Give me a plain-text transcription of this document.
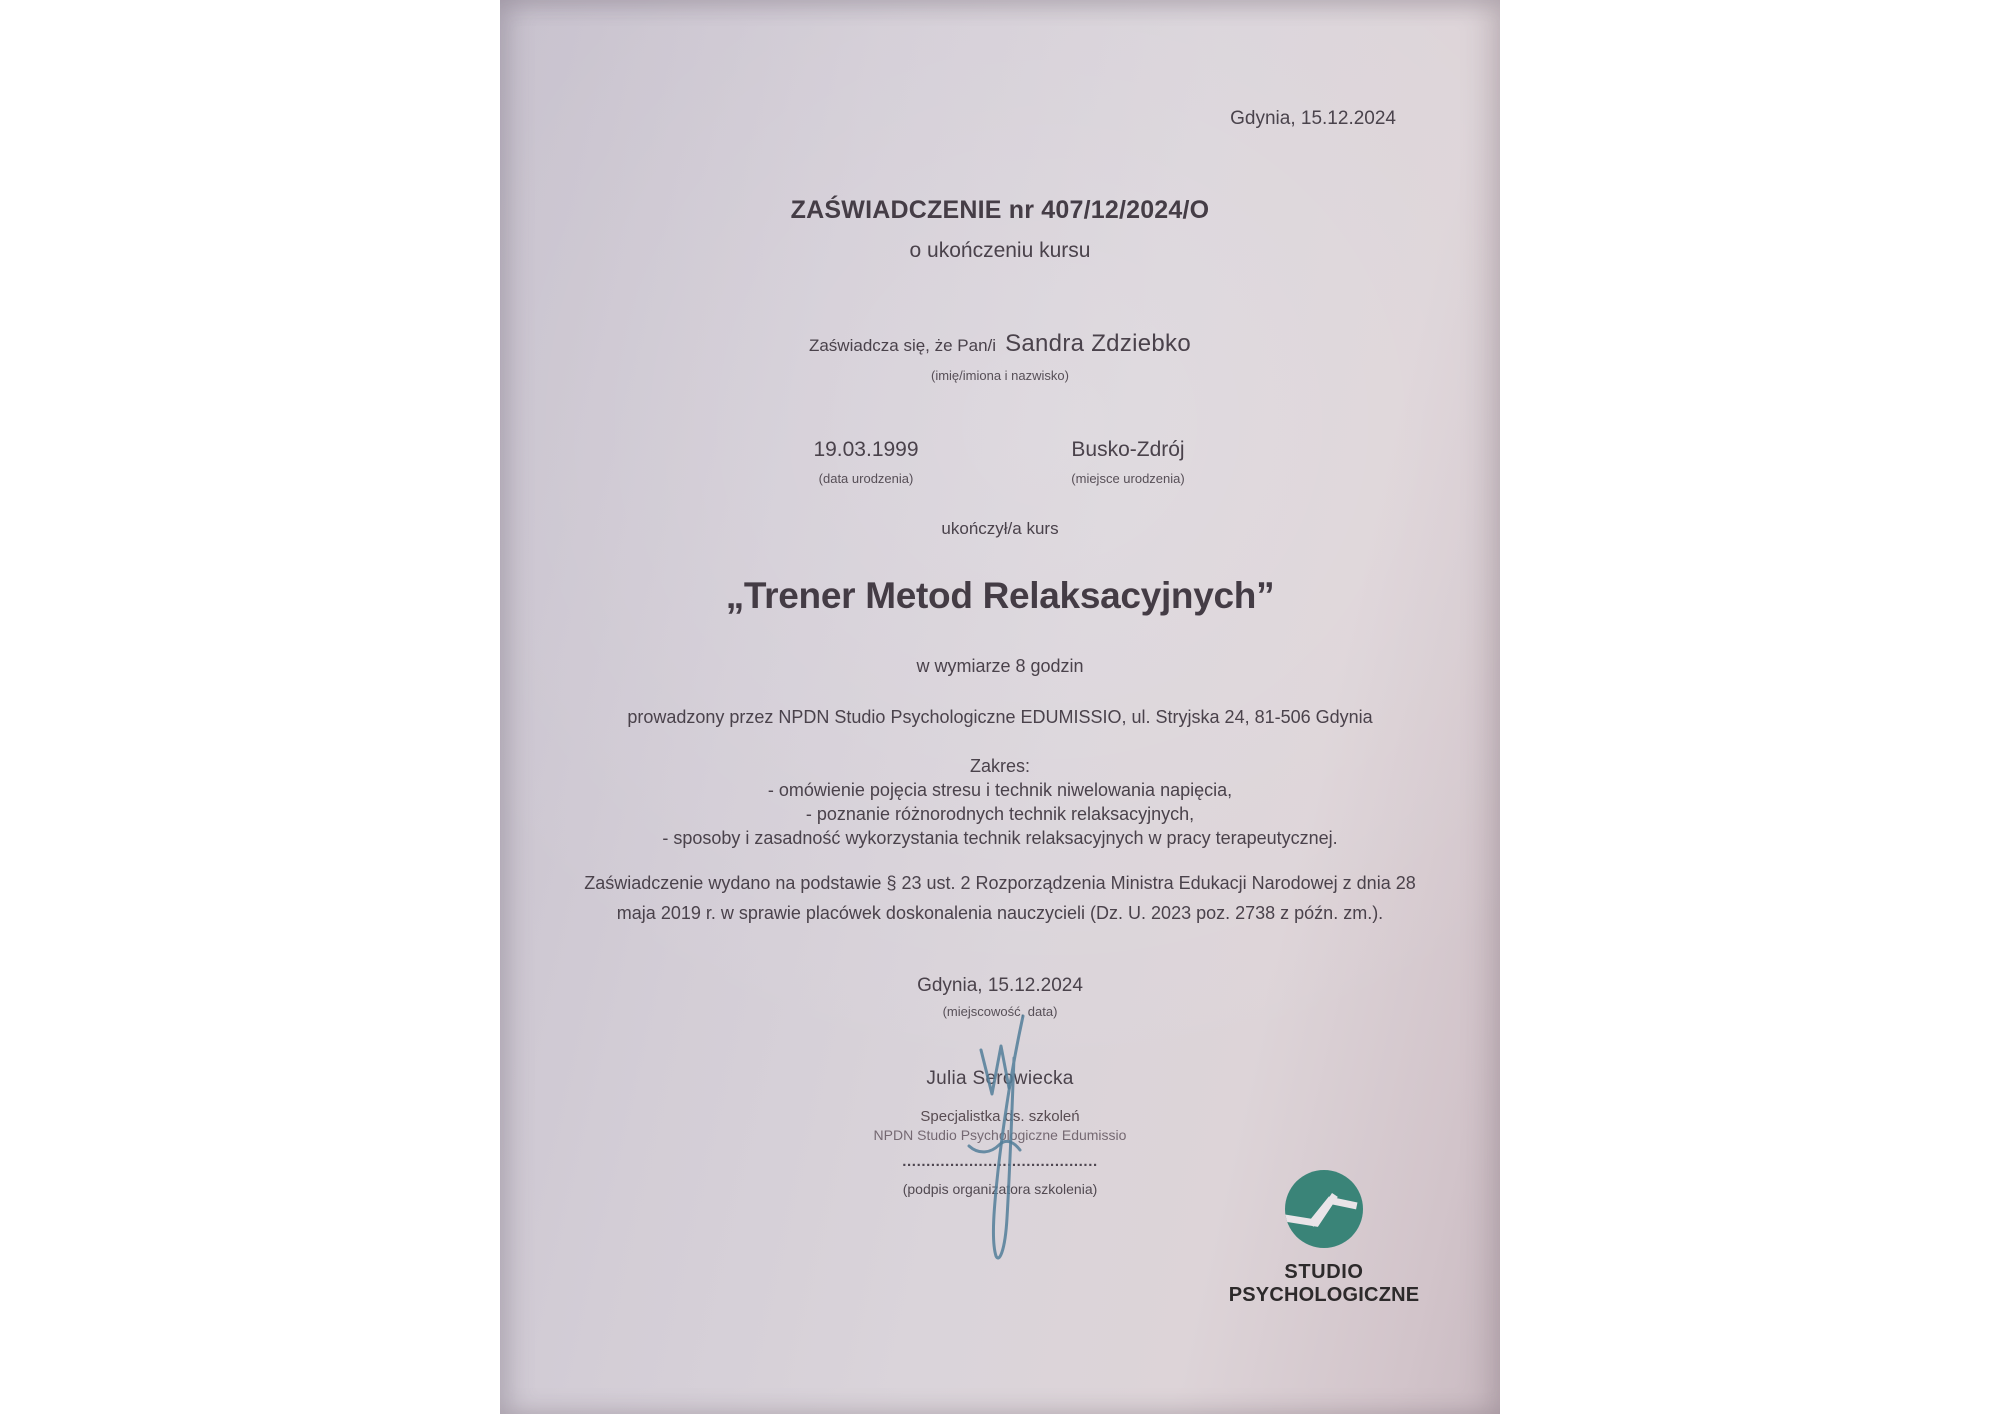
Gdynia, 15.12.2024
ZAŚWIADCZENIE nr 407/12/2024/O
o ukończeniu kursu
Zaświadcza się, że Pan/i Sandra Zdziebko
(imię/imiona i nazwisko)
19.03.1999
(data urodzenia)
Busko-Zdrój
(miejsce urodzenia)
ukończył/a kurs
„Trener Metod Relaksacyjnych”
w wymiarze 8 godzin
prowadzony przez NPDN Studio Psychologiczne EDUMISSIO, ul. Stryjska 24, 81-506 Gdynia
Zakres:
- omówienie pojęcia stresu i technik niwelowania napięcia,
- poznanie różnorodnych technik relaksacyjnych,
- sposoby i zasadność wykorzystania technik relaksacyjnych w pracy terapeutycznej.
Zaświadczenie wydano na podstawie § 23 ust. 2 Rozporządzenia Ministra Edukacji Narodowej z dnia 28 maja 2019 r. w sprawie placówek doskonalenia nauczycieli (Dz. U. 2023 poz. 2738 z późn. zm.).
Gdynia, 15.12.2024
(miejscowość, data)
Julia Serowiecka
Specjalistka ds. szkoleń
NPDN Studio Psychologiczne Edumissio
.........................................
(podpis organizatora szkolenia)
STUDIO
PSYCHOLOGICZNE
